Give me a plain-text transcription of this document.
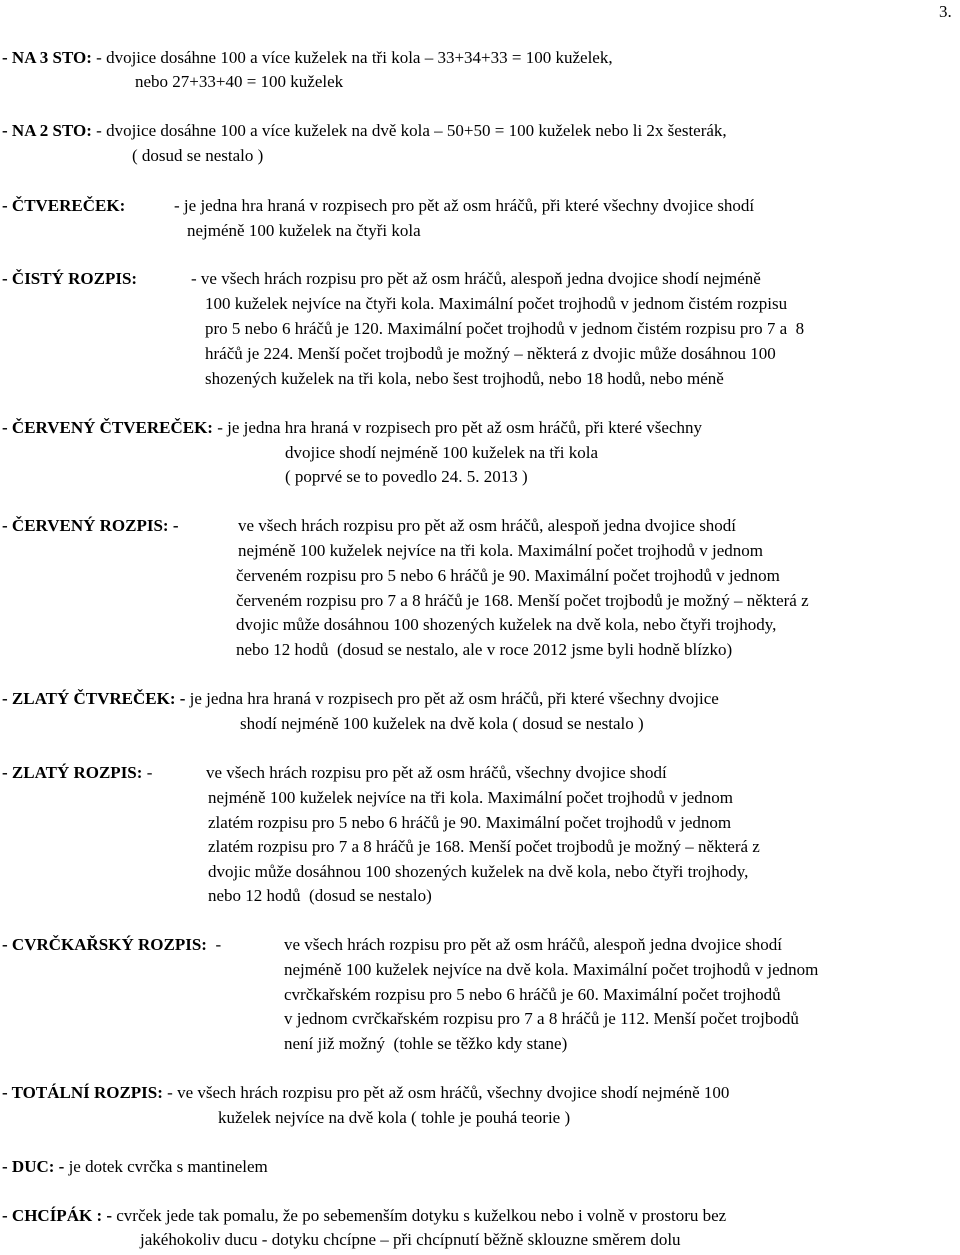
3.
- NA 3 STO: - dvojice dosáhne 100 a více kuželek na tři kola – 33+34+33 = 100 kuželek,
nebo 27+33+40 = 100 kuželek
- NA 2 STO: - dvojice dosáhne 100 a více kuželek na dvě kola – 50+50 = 100 kuželek nebo li 2x šesterák,
( dosud se nestalo )
- ČTVEREČEK:	- je jedna hra hraná v rozpisech pro pět až osm hráčů, při které všechny dvojice shodí
nejméně 100 kuželek na čtyři kola
- ČISTÝ ROZPIS:	- ve všech hrách rozpisu pro pět až osm hráčů, alespoň jedna dvojice shodí nejméně
100 kuželek nejvíce na čtyři kola. Maximální počet trojhodů v jednom čistém rozpisu
pro 5 nebo 6 hráčů je 120. Maximální počet trojhodů v jednom čistém rozpisu pro 7 a  8
hráčů je 224. Menší počet trojbodů je možný – některá z dvojic může dosáhnou 100
shozených kuželek na tři kola, nebo šest trojhodů, nebo 18 hodů, nebo méně
- ČERVENÝ ČTVEREČEK: - je jedna hra hraná v rozpisech pro pět až osm hráčů, při které všechny
dvojice shodí nejméně 100 kuželek na tři kola
( poprvé se to povedlo 24. 5. 2013 )
- ČERVENÝ ROZPIS: -	ve všech hrách rozpisu pro pět až osm hráčů, alespoň jedna dvojice shodí
nejméně 100 kuželek nejvíce na tři kola. Maximální počet trojhodů v jednom
červeném rozpisu pro 5 nebo 6 hráčů je 90. Maximální počet trojhodů v jednom
červeném rozpisu pro 7 a 8 hráčů je 168. Menší počet trojbodů je možný – některá z
dvojic může dosáhnou 100 shozených kuželek na dvě kola, nebo čtyři trojhody,
nebo 12 hodů  (dosud se nestalo, ale v roce 2012 jsme byli hodně blízko)
- ZLATÝ ČTVREČEK: - je jedna hra hraná v rozpisech pro pět až osm hráčů, při které všechny dvojice
shodí nejméně 100 kuželek na dvě kola ( dosud se nestalo )
- ZLATÝ ROZPIS: - ve všech hrách rozpisu pro pět až osm hráčů, všechny dvojice shodí
nejméně 100 kuželek nejvíce na tři kola. Maximální počet trojhodů v jednom
zlatém rozpisu pro 5 nebo 6 hráčů je 90. Maximální počet trojhodů v jednom
zlatém rozpisu pro 7 a 8 hráčů je 168. Menší počet trojbodů je možný – některá z
dvojic může dosáhnou 100 shozených kuželek na dvě kola, nebo čtyři trojhody,
nebo 12 hodů  (dosud se nestalo)
- CVRČKAŘSKÝ ROZPIS:  -	ve všech hrách rozpisu pro pět až osm hráčů, alespoň jedna dvojice shodí
nejméně 100 kuželek nejvíce na dvě kola. Maximální počet trojhodů v jednom
cvrčkařském rozpisu pro 5 nebo 6 hráčů je 60. Maximální počet trojhodů
v jednom cvrčkařském rozpisu pro 7 a 8 hráčů je 112. Menší počet trojbodů
není již možný  (tohle se těžko kdy stane)
- TOTÁLNÍ ROZPIS: - ve všech hrách rozpisu pro pět až osm hráčů, všechny dvojice shodí nejméně 100
kuželek nejvíce na dvě kola ( tohle je pouhá teorie )
- DUC: - je dotek cvrčka s mantinelem
- CHCÍPÁK : - cvrček jede tak pomalu, že po sebemenším dotyku s kuželkou nebo i volně v prostoru bez
jakéhokoliv ducu - dotyku chcípne – při chcípnutí běžně sklouzne směrem dolu
